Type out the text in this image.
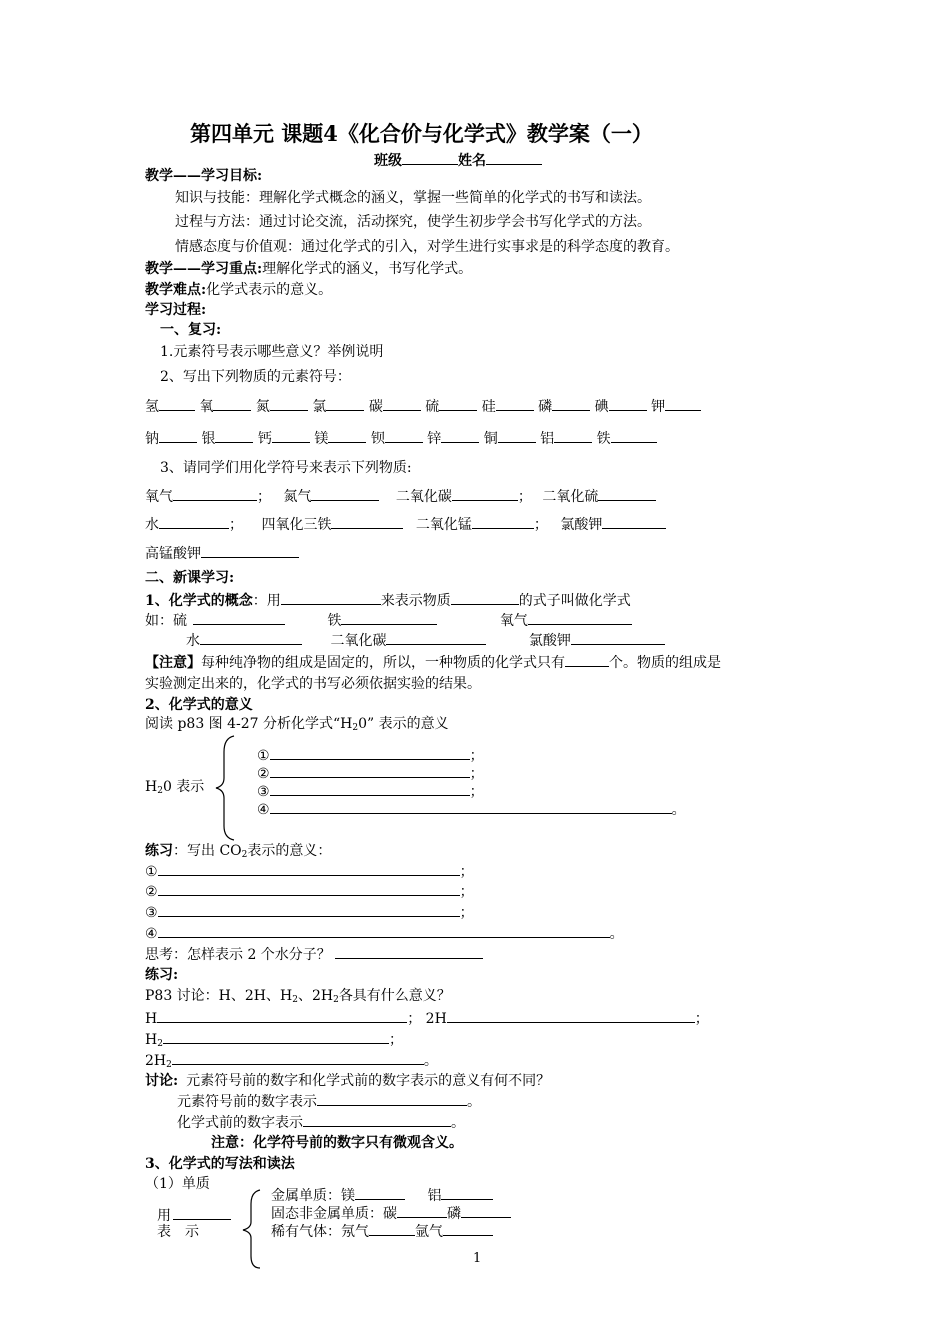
第四单元 课题4《化合价与化学式》教学案（一）
班级	姓名
教学——学习目标:
知识与技能：理解化学式概念的涵义，掌握一些简单的化学式的书写和读法。
过程与方法：通过讨论交流，活动探究，使学生初步学会书写化学式的方法。
情感态度与价值观：通过化学式的引入，对学生进行实事求是的科学态度的教育。
教学——学习重点:理解化学式的涵义，书写化学式。
教学难点:化学式表示的意义。
学习过程:
一、复习:
1.元素符号表示哪些意义？举例说明
2、写出下列物质的元素符号：
氢	氧	氮	氯	碳	硫	硅	磷	碘	钾
钠	银	钙	镁	钡	锌	铜	铝	铁
3、请同学们用化学符号来表示下列物质:
氧气	； 氮气	二氧化碳	； 二氧化硫
水	； 四氧化三铁	二氧化锰	； 氯酸钾
高锰酸钾
二、新课学习:
1、化学式的概念：用	来表示物质	的式子叫做化学式
如：硫	铁	氧气
水	二氧化碳	氯酸钾
【注意】每种纯净物的组成是固定的，所以，一种物质的化学式只有	个。物质的组成是
实验测定出来的，化学式的书写必须依据实验的结果。
2、化学式的意义
阅读 p83 图 4-27 分析化学式“$H_20$” 表示的意义
$H_20$ 表示
①	；
②	；
③	；
④	。
练习：写出 $CO_2$表示的意义：
①	；
②	；
③	；
④	。
思考：怎样表示 2 个水分子？
练习:
P83 讨论：H、2H、$H_2$、$2H_2$各具有什么意义？
H	； 2H	；
$H_2$	；
$2H_2$	。
讨论: 元素符号前的数字和化学式前的数字表示的意义有何不同？
元素符号前的数字表示	。
化学式前的数字表示	。
注意：化学符号前的数字只有微观含义。
3、化学式的写法和读法
（1）单质
用
表　示
金属单质：镁	铝
固态非金属单质：碳	磷
稀有气体：氖气	氩气
1
